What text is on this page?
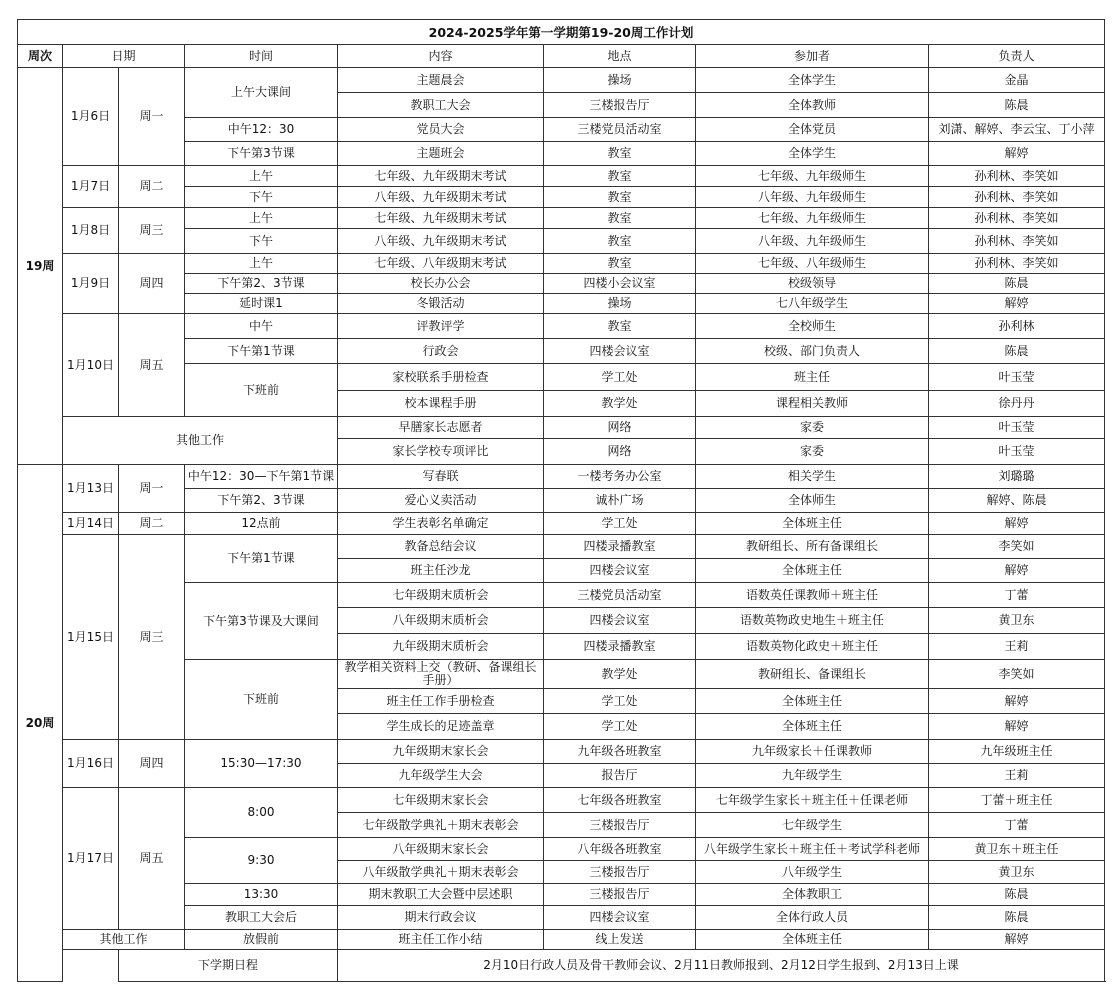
2024-2025学年第一学期第19-20周工作计划							
周次	日期		时间	内容	地点	参加者	负责人
19周	1月6日	周一	上午大课间	主题晨会	操场	全体学生	金晶
				教职工大会	三楼报告厅	全体教师	陈晨
			中午12：30	党员大会	三楼党员活动室	全体党员	刘潇、解婷、李云宝、丁小萍
			下午第3节课	主题班会	教室	全体学生	解婷
	1月7日	周二	上午	七年级、九年级期末考试	教室	七年级、九年级师生	孙利林、李笑如
			下午	八年级、九年级期末考试	教室	八年级、九年级师生	孙利林、李笑如
	1月8日	周三	上午	七年级、九年级期末考试	教室	七年级、九年级师生	孙利林、李笑如
			下午	八年级、九年级期末考试	教室	八年级、九年级师生	孙利林、李笑如
	1月9日	周四	上午	七年级、八年级期末考试	教室	七年级、八年级师生	孙利林、李笑如
			下午第2、3节课	校长办公会	四楼小会议室	校级领导	陈晨
			延时课1	冬锻活动	操场	七八年级学生	解婷
	1月10日	周五	中午	评教评学	教室	全校师生	孙利林
			下午第1节课	行政会	四楼会议室	校级、部门负责人	陈晨
			下班前	家校联系手册检查	学工处	班主任	叶玉莹
				校本课程手册	教学处	课程相关教师	徐丹丹
	其他工作			早膳家长志愿者	网络	家委	叶玉莹
				家长学校专项评比	网络	家委	叶玉莹
20周	1月13日	周一	中午12：30—下午第1节课	写春联	一楼考务办公室	相关学生	刘璐璐
			下午第2、3节课	爱心义卖活动	诚朴广场	全体师生	解婷、陈晨
	1月14日	周二	12点前	学生表彰名单确定	学工处	全体班主任	解婷
	1月15日	周三	下午第1节课	教备总结会议	四楼录播教室	教研组长、所有备课组长	李笑如
				班主任沙龙	四楼会议室	全体班主任	解婷
			下午第3节课及大课间	七年级期末质析会	三楼党员活动室	语数英任课教师＋班主任	丁蕾
				八年级期末质析会	四楼会议室	语数英物政史地生＋班主任	黄卫东
				九年级期末质析会	四楼录播教室	语数英物化政史＋班主任	王莉
			下班前	教学相关资料上交（教研、备课组长手册）	教学处	教研组长、备课组长	李笑如
				班主任工作手册检查	学工处	全体班主任	解婷
				学生成长的足迹盖章	学工处	全体班主任	解婷
	1月16日	周四	15:30—17:30	九年级期末家长会	九年级各班教室	九年级家长＋任课教师	九年级班主任
				九年级学生大会	报告厅	九年级学生	王莉
	1月17日	周五	8:00	七年级期末家长会	七年级各班教室	七年级学生家长＋班主任＋任课老师	丁蕾＋班主任
				七年级散学典礼＋期末表彰会	三楼报告厅	七年级学生	丁蕾
			9:30	八年级期末家长会	八年级各班教室	八年级学生家长＋班主任＋考试学科老师	黄卫东＋班主任
				八年级散学典礼＋期末表彰会	三楼报告厅	八年级学生	黄卫东
			13:30	期末教职工大会暨中层述职	三楼报告厅	全体教职工	陈晨
			教职工大会后	期末行政会议	四楼会议室	全体行政人员	陈晨
	其他工作		放假前	班主任工作小结	线上发送	全体班主任	解婷
		下学期日程		2月10日行政人员及骨干教师会议、2月11日教师报到、2月12日学生报到、2月13日上课			
